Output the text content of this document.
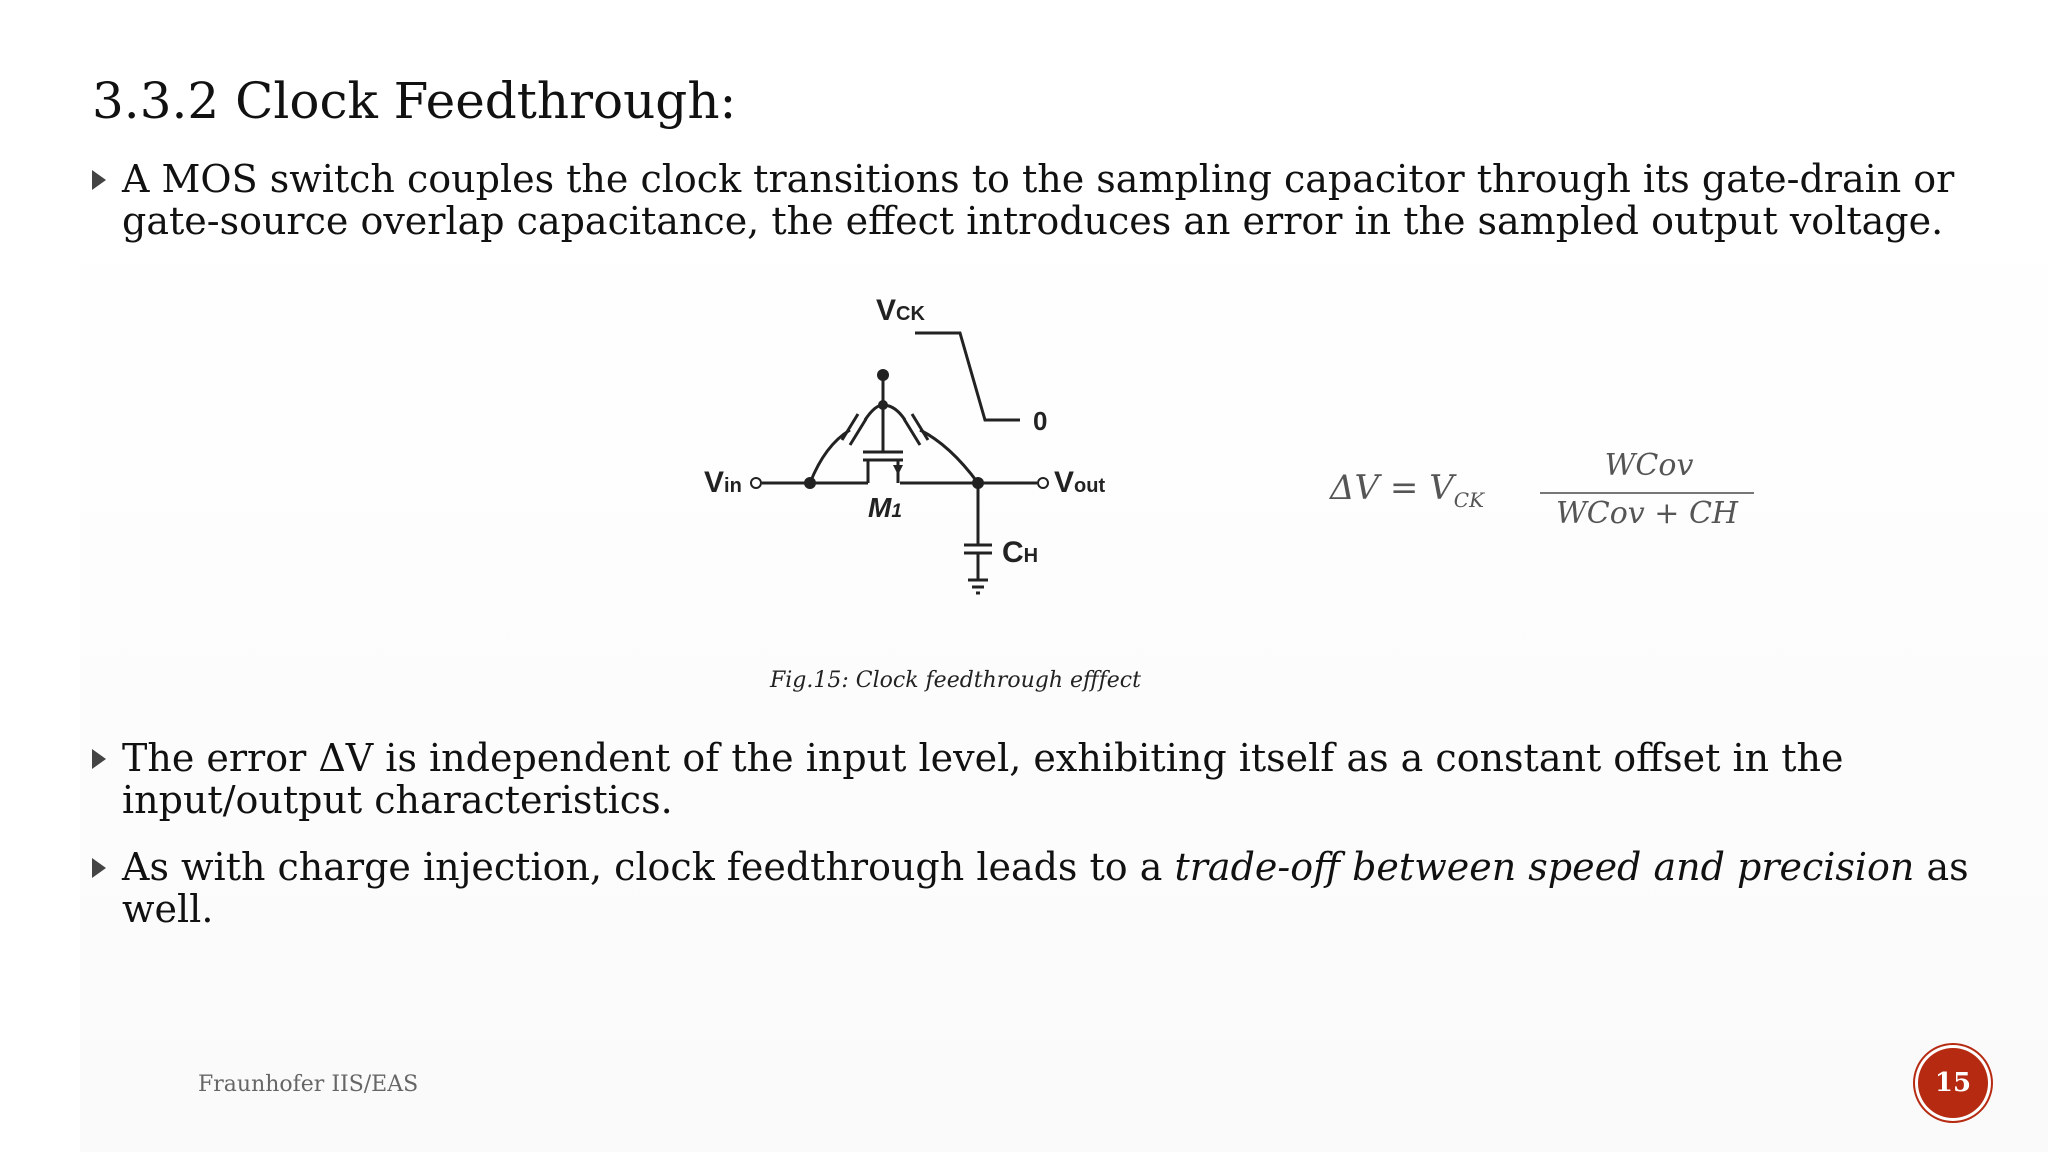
3.3.2 Clock Feedthrough:
A MOS switch couples the clock transitions to the sampling capacitor through its gate-drain or gate-source overlap capacitance, the effect introduces an error in the sampled output voltage.
VCK
0
Vin	Vout
M1
CH
$\Delta V = V_{CK}$
WCov
WCov + CH
Fig.15: Clock feedthrough efffect
The error ΔV is independent of the input level, exhibiting itself as a constant offset in the input/output characteristics.
As with charge injection, clock feedthrough leads to a trade-off between speed and precision as well.
Fraunhofer IIS/EAS	15
